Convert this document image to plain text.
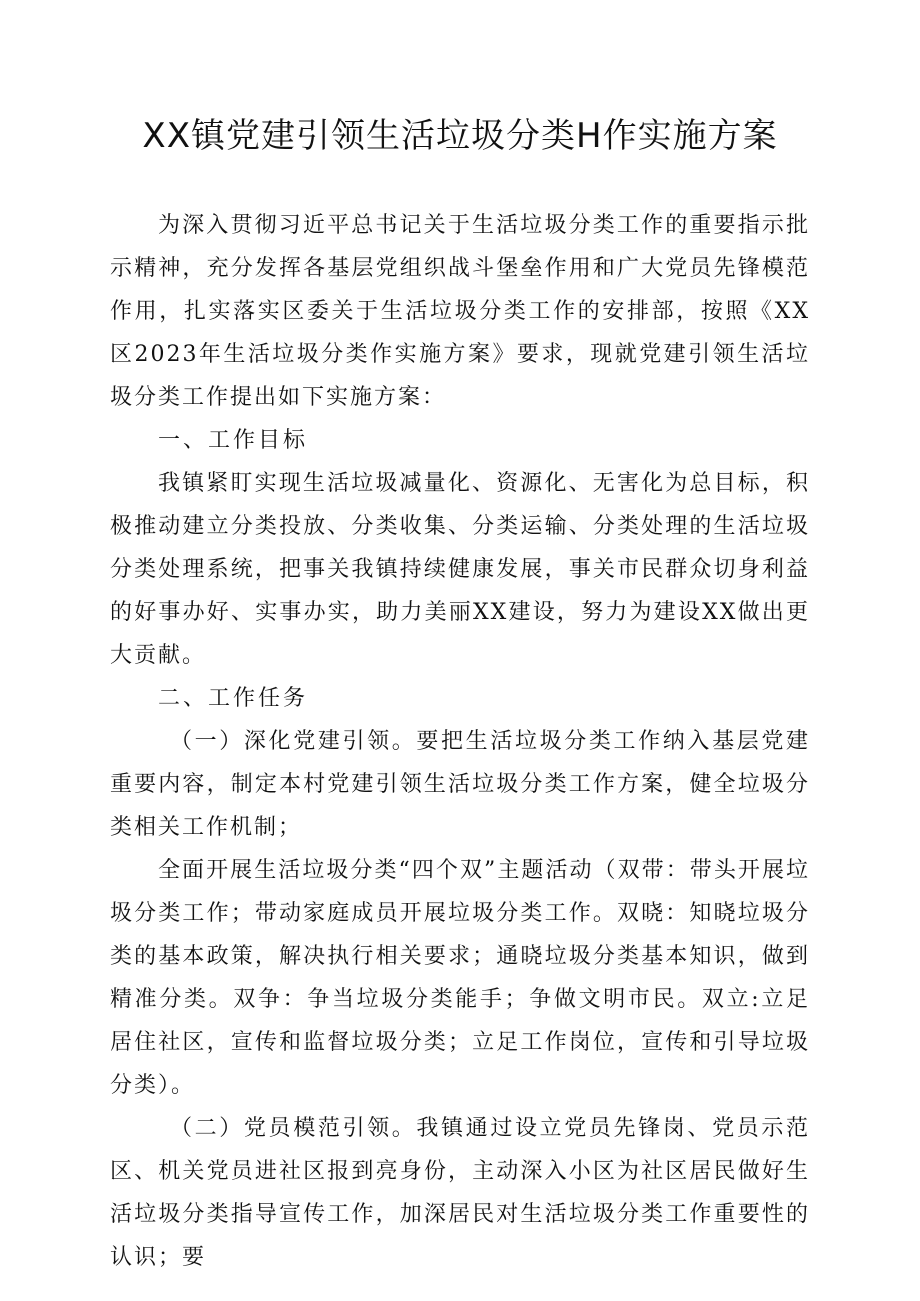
XX镇党建引领生活垃圾分类H作实施方案

为深入贯彻习近平总书记关于生活垃圾分类工作的重要指示批示精神，充分发挥各基层党组织战斗堡垒作用和广大党员先锋模范作用，扎实落实区委关于生活垃圾分类工作的安排部，按照《XX区2023年生活垃圾分类作实施方案》要求，现就党建引领生活垃圾分类工作提出如下实施方案：

一、工作目标

我镇紧盯实现生活垃圾减量化、资源化、无害化为总目标，积极推动建立分类投放、分类收集、分类运输、分类处理的生活垃圾分类处理系统，把事关我镇持续健康发展，事关市民群众切身利益的好事办好、实事办实，助力美丽XX建设，努力为建设XX做出更大贡献。

二、工作任务

（一）深化党建引领。要把生活垃圾分类工作纳入基层党建重要内容，制定本村党建引领生活垃圾分类工作方案，健全垃圾分类相关工作机制；

全面开展生活垃圾分类“四个双”主题活动（双带：带头开展垃圾分类工作；带动家庭成员开展垃圾分类工作。双晓：知晓垃圾分类的基本政策，解决执行相关要求；通晓垃圾分类基本知识，做到精准分类。双争：争当垃圾分类能手；争做文明市民。双立:立足居住社区，宣传和监督垃圾分类；立足工作岗位，宣传和引导垃圾分类）。

（二）党员模范引领。我镇通过设立党员先锋岗、党员示范区、机关党员进社区报到亮身份，主动深入小区为社区居民做好生活垃圾分类指导宣传工作，加深居民对生活垃圾分类工作重要性的认识；要
